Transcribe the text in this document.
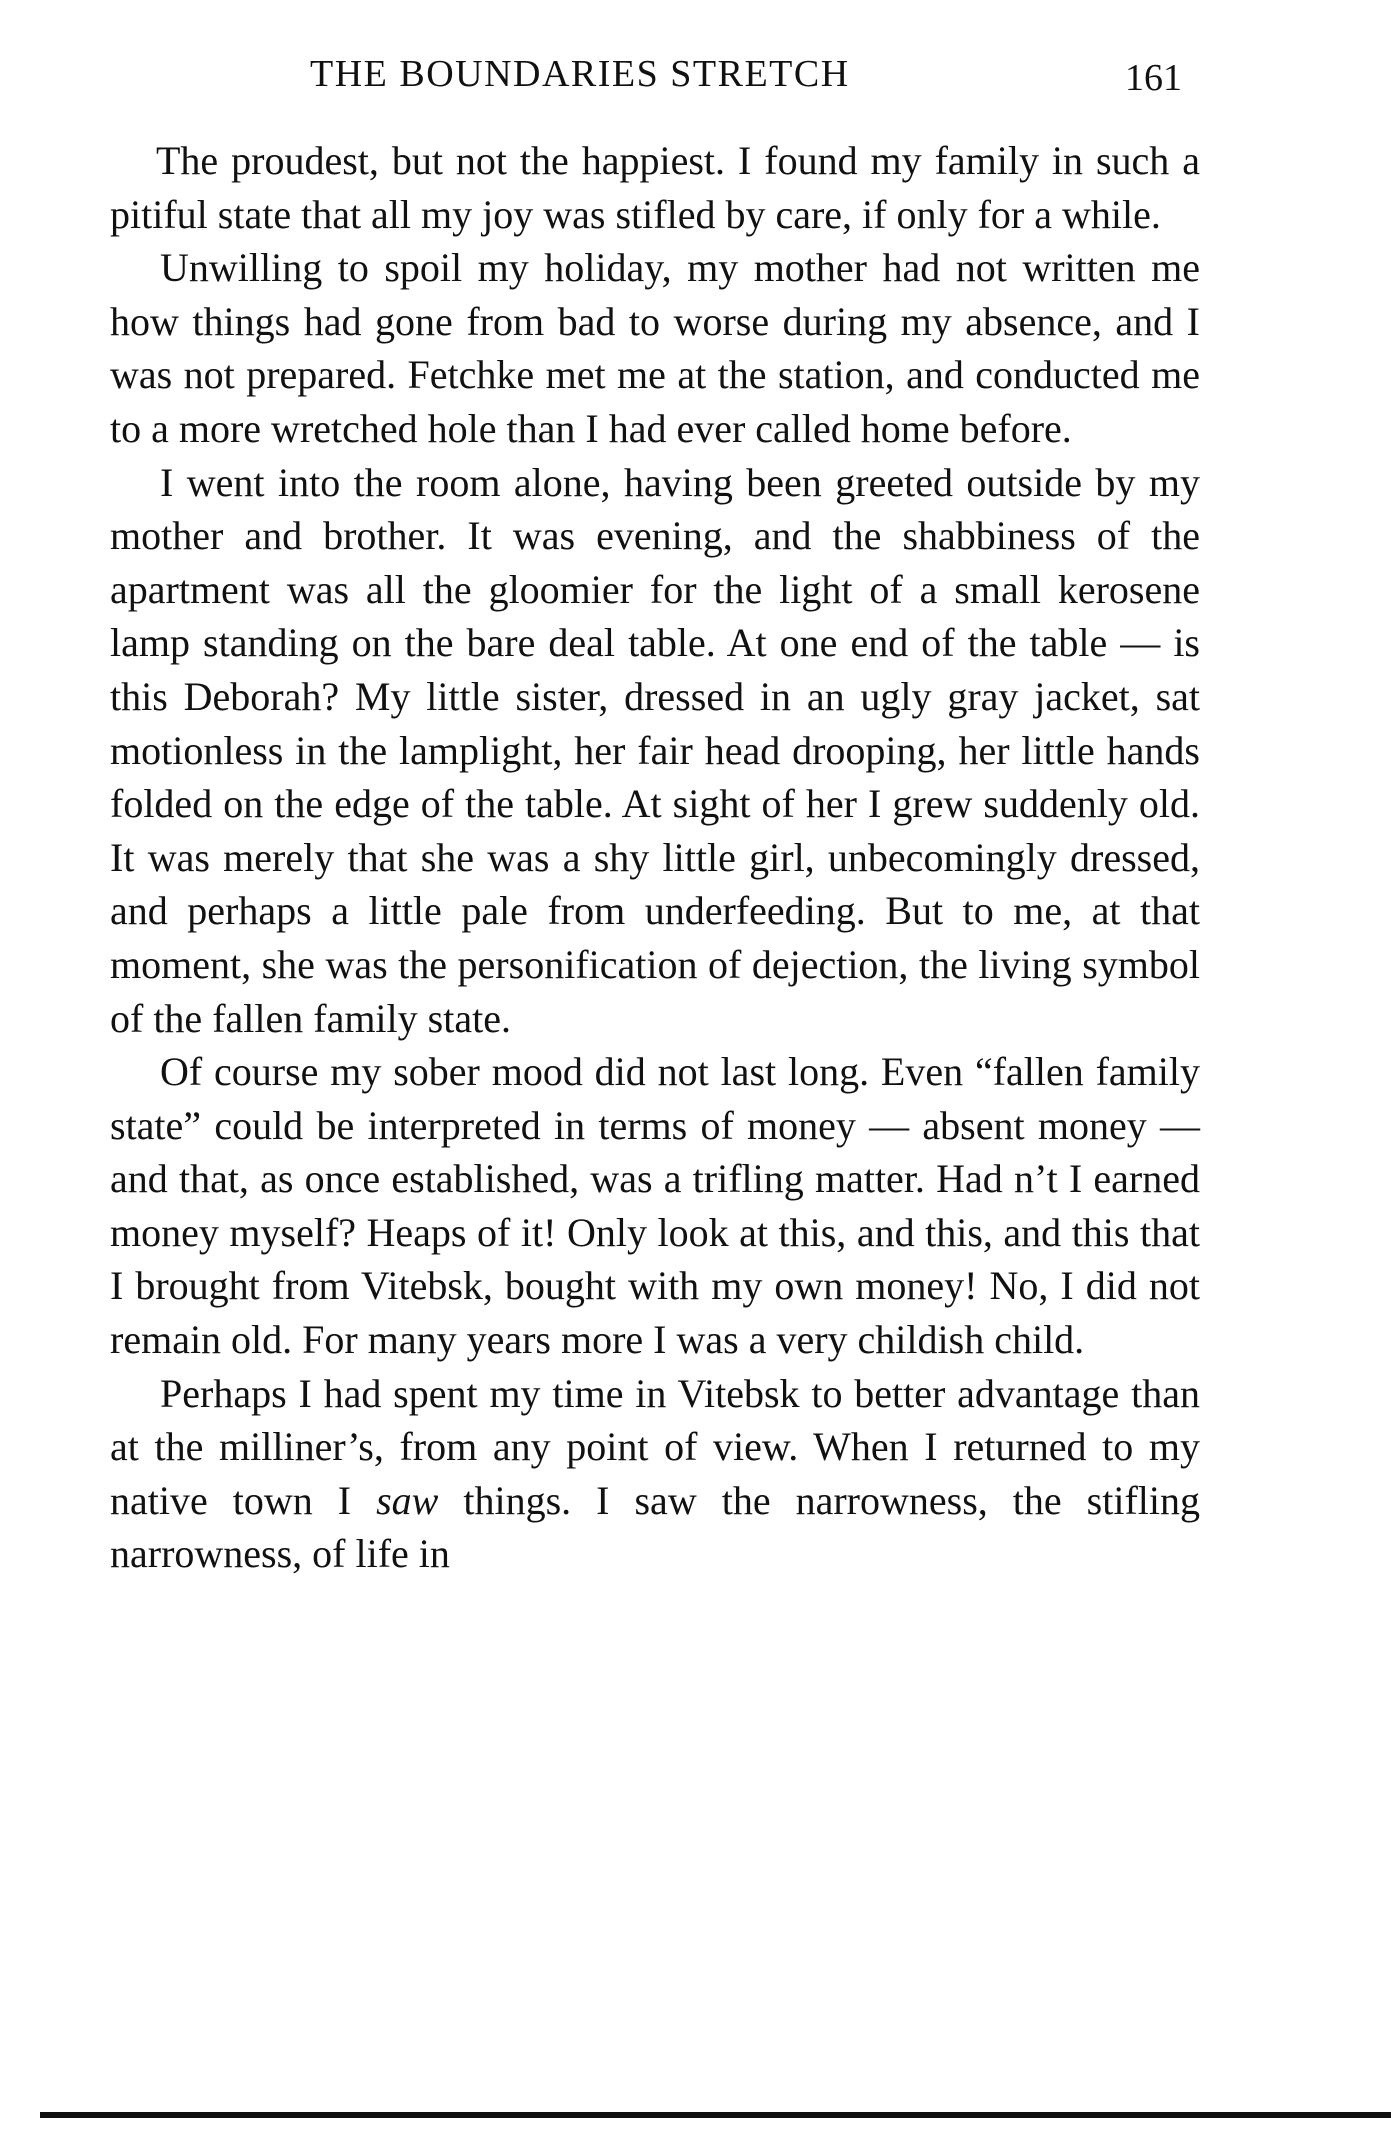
THE BOUNDARIES STRETCH	161

The proudest, but not the happiest. I found my family in such a pitiful state that all my joy was stifled by care, if only for a while.

Unwilling to spoil my holiday, my mother had not written me how things had gone from bad to worse during my absence, and I was not prepared. Fetchke met me at the station, and conducted me to a more wretched hole than I had ever called home before.

I went into the room alone, having been greeted outside by my mother and brother. It was evening, and the shabbiness of the apartment was all the gloomier for the light of a small kerosene lamp standing on the bare deal table. At one end of the table — is this Deborah? My little sister, dressed in an ugly gray jacket, sat motionless in the lamplight, her fair head drooping, her little hands folded on the edge of the table. At sight of her I grew suddenly old. It was merely that she was a shy little girl, unbecomingly dressed, and perhaps a little pale from underfeeding. But to me, at that moment, she was the personification of dejection, the living symbol of the fallen family state.

Of course my sober mood did not last long. Even “fallen family state” could be interpreted in terms of money — absent money — and that, as once established, was a trifling matter. Had n’t I earned money myself? Heaps of it! Only look at this, and this, and this that I brought from Vitebsk, bought with my own money! No, I did not remain old. For many years more I was a very childish child.

Perhaps I had spent my time in Vitebsk to better advantage than at the milliner’s, from any point of view. When I returned to my native town I saw things. I saw the narrowness, the stifling narrowness, of life in
